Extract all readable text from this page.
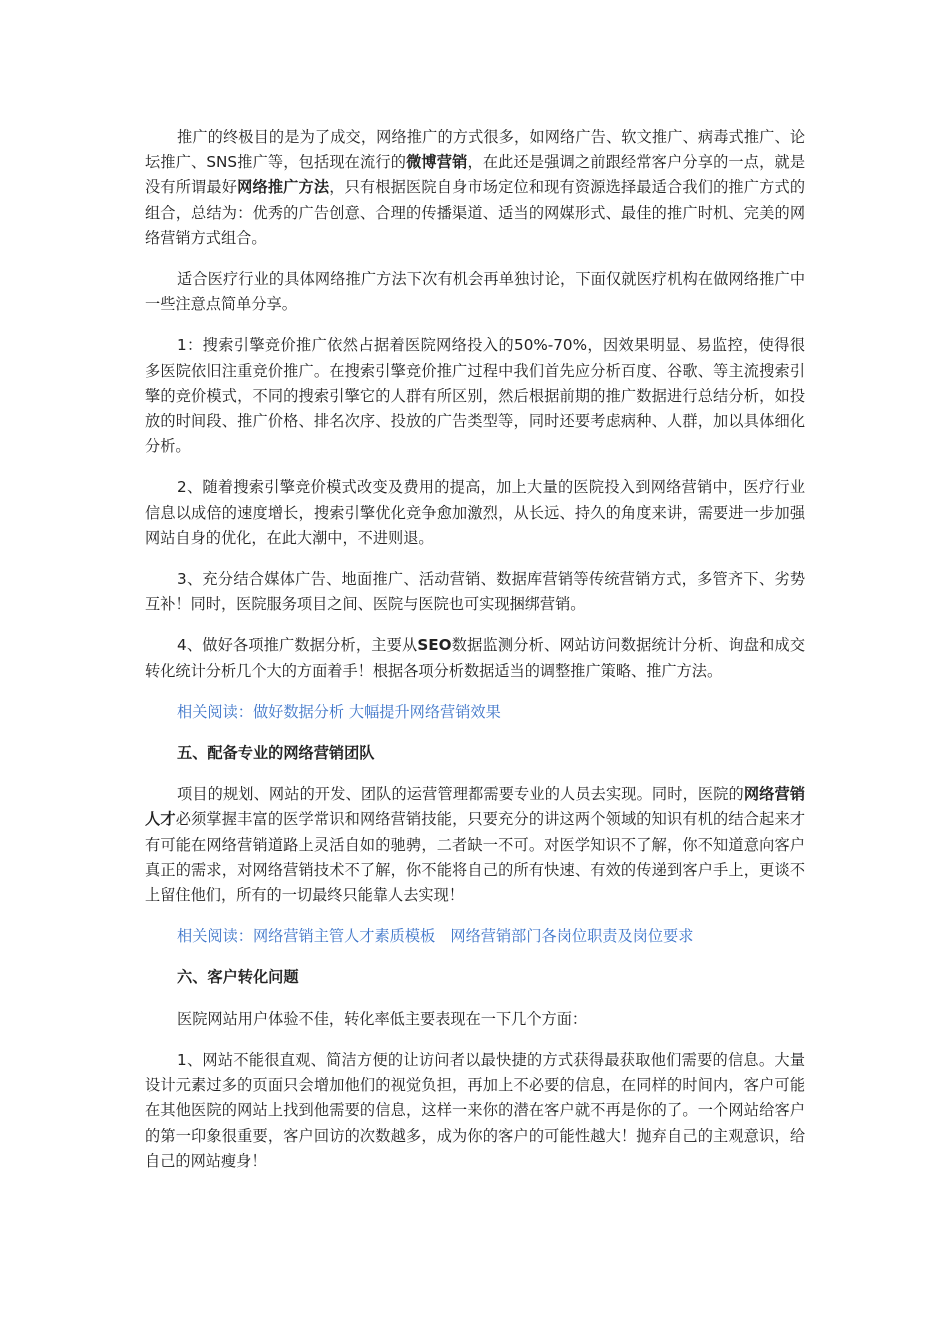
推广的终极目的是为了成交，网络推广的方式很多，如网络广告、软文推广、病毒式推广、论坛推广、SNS推广等，包括现在流行的微博营销，在此还是强调之前跟经常客户分享的一点，就是没有所谓最好网络推广方法，只有根据医院自身市场定位和现有资源选择最适合我们的推广方式的组合，总结为：优秀的广告创意、合理的传播渠道、适当的网媒形式、最佳的推广时机、完美的网络营销方式组合。

适合医疗行业的具体网络推广方法下次有机会再单独讨论，下面仅就医疗机构在做网络推广中一些注意点简单分享。

1：搜索引擎竞价推广依然占据着医院网络投入的50%-70%，因效果明显、易监控，使得很多医院依旧注重竞价推广。在搜索引擎竞价推广过程中我们首先应分析百度、谷歌、等主流搜索引擎的竞价模式，不同的搜索引擎它的人群有所区别，然后根据前期的推广数据进行总结分析，如投放的时间段、推广价格、排名次序、投放的广告类型等，同时还要考虑病种、人群，加以具体细化分析。

2、随着搜索引擎竞价模式改变及费用的提高，加上大量的医院投入到网络营销中，医疗行业信息以成倍的速度增长，搜索引擎优化竞争愈加激烈，从长远、持久的角度来讲，需要进一步加强网站自身的优化，在此大潮中，不进则退。

3、充分结合媒体广告、地面推广、活动营销、数据库营销等传统营销方式，多管齐下、劣势互补！同时，医院服务项目之间、医院与医院也可实现捆绑营销。

4、做好各项推广数据分析，主要从SEO数据监测分析、网站访问数据统计分析、询盘和成交转化统计分析几个大的方面着手！根据各项分析数据适当的调整推广策略、推广方法。

相关阅读：做好数据分析 大幅提升网络营销效果

五、配备专业的网络营销团队

项目的规划、网站的开发、团队的运营管理都需要专业的人员去实现。同时，医院的网络营销人才必须掌握丰富的医学常识和网络营销技能，只要充分的讲这两个领域的知识有机的结合起来才有可能在网络营销道路上灵活自如的驰骋，二者缺一不可。对医学知识不了解，你不知道意向客户真正的需求，对网络营销技术不了解，你不能将自己的所有快速、有效的传递到客户手上，更谈不上留住他们，所有的一切最终只能靠人去实现！

相关阅读：网络营销主管人才素质模板　网络营销部门各岗位职责及岗位要求

六、客户转化问题

医院网站用户体验不佳，转化率低主要表现在一下几个方面：

1、网站不能很直观、简洁方便的让访问者以最快捷的方式获得最获取他们需要的信息。大量设计元素过多的页面只会增加他们的视觉负担，再加上不必要的信息，在同样的时间内，客户可能在其他医院的网站上找到他需要的信息，这样一来你的潜在客户就不再是你的了。一个网站给客户的第一印象很重要，客户回访的次数越多，成为你的客户的可能性越大！抛弃自己的主观意识，给自己的网站瘦身！
